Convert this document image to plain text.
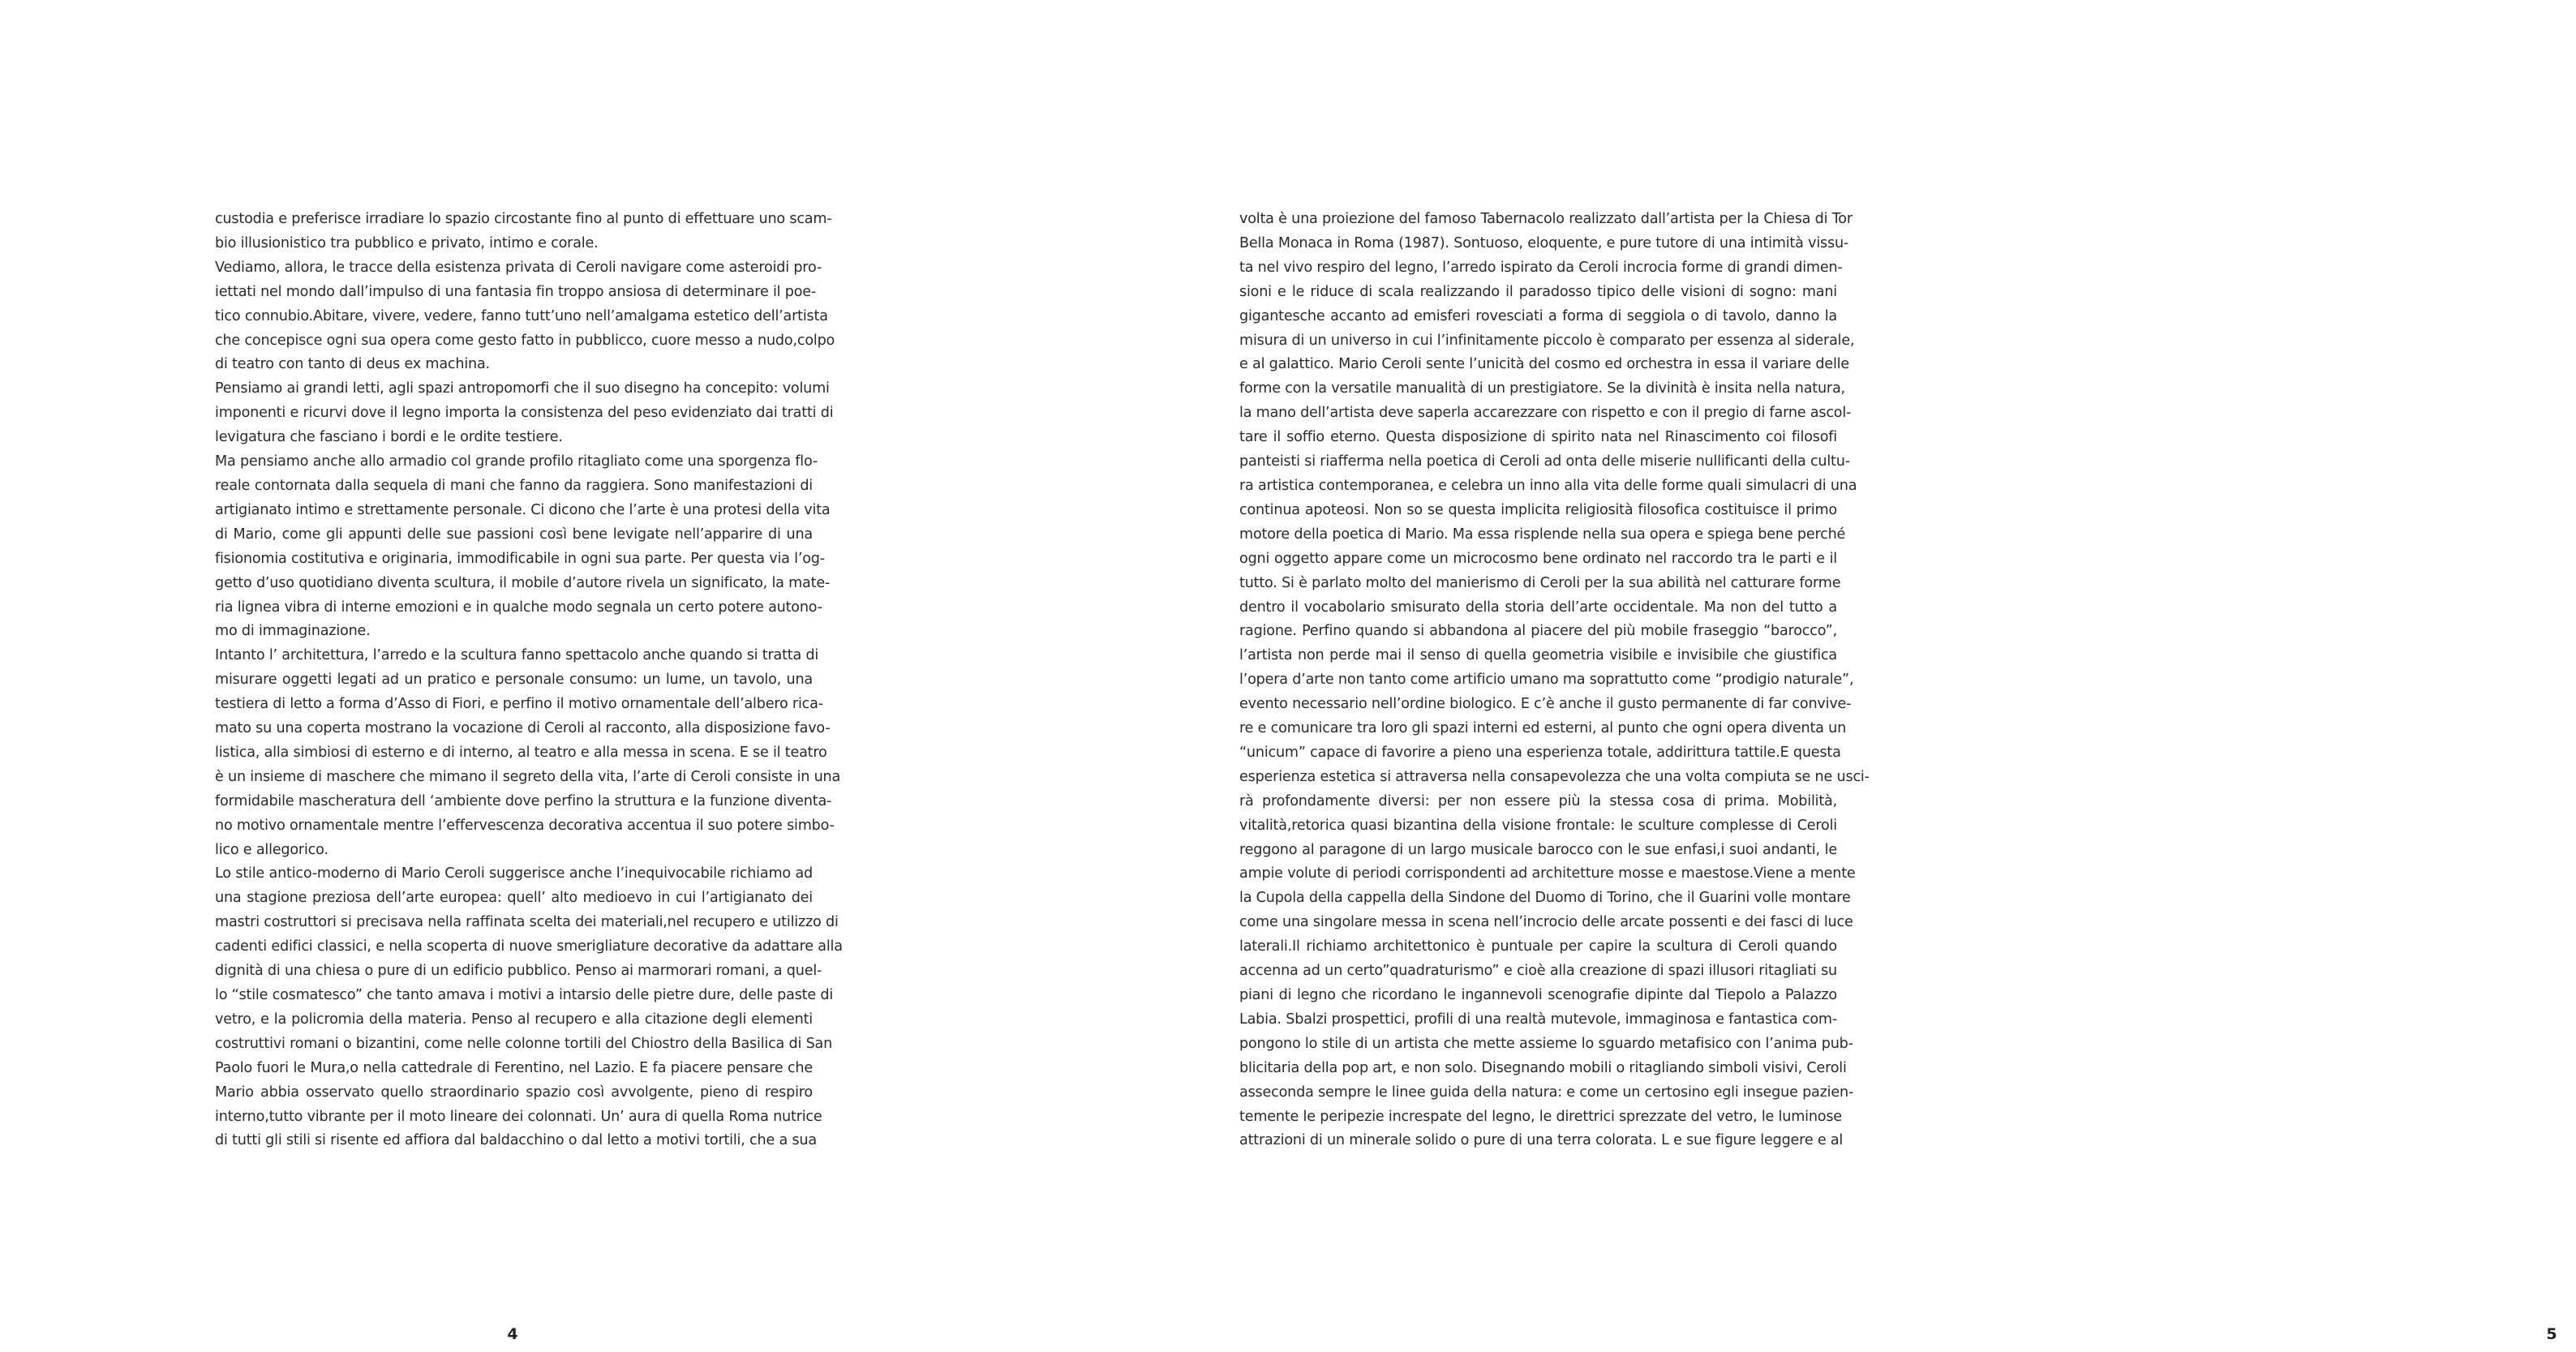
custodia e preferisce irradiare lo spazio circostante fino al punto di effettuare uno scam-
bio illusionistico tra pubblico e privato, intimo e corale.
Vediamo, allora, le tracce della esistenza privata di Ceroli navigare come asteroidi pro-
iettati nel mondo dall’impulso di una fantasia fin troppo ansiosa di determinare il poe-
tico connubio.Abitare, vivere, vedere, fanno tutt’uno nell’amalgama estetico dell’artista
che concepisce ogni sua opera come gesto fatto in pubblicco, cuore messo a nudo,colpo
di teatro con tanto di deus ex machina.
Pensiamo ai grandi letti, agli spazi antropomorfi che il suo disegno ha concepito: volumi
imponenti e ricurvi dove il legno importa la consistenza del peso evidenziato dai tratti di
levigatura che fasciano i bordi e le ordite testiere.
Ma pensiamo anche allo armadio col grande profilo ritagliato come una sporgenza flo-
reale contornata dalla sequela di mani che fanno da raggiera. Sono manifestazioni di
artigianato intimo e strettamente personale. Ci dicono che l’arte è una protesi della vita
di Mario, come gli appunti delle sue passioni così bene levigate nell’apparire di una
fisionomia costitutiva e originaria, immodificabile in ogni sua parte. Per questa via l’og-
getto d’uso quotidiano diventa scultura, il mobile d’autore rivela un significato, la mate-
ria lignea vibra di interne emozioni e in qualche modo segnala un certo potere autono-
mo di immaginazione.
Intanto l’ architettura, l’arredo e la scultura fanno spettacolo anche quando si tratta di
misurare oggetti legati ad un pratico e personale consumo: un lume, un tavolo, una
testiera di letto a forma d’Asso di Fiori, e perfino il motivo ornamentale dell’albero rica-
mato su una coperta mostrano la vocazione di Ceroli al racconto, alla disposizione favo-
listica, alla simbiosi di esterno e di interno, al teatro e alla messa in scena. E se il teatro
è un insieme di maschere che mimano il segreto della vita, l’arte di Ceroli consiste in una
formidabile mascheratura dell ‘ambiente dove perfino la struttura e la funzione diventa-
no motivo ornamentale mentre l’effervescenza decorativa accentua il suo potere simbo-
lico e allegorico.
Lo stile antico-moderno di Mario Ceroli suggerisce anche l’inequivocabile richiamo ad
una stagione preziosa dell’arte europea: quell’ alto medioevo in cui l’artigianato dei
mastri costruttori si precisava nella raffinata scelta dei materiali,nel recupero e utilizzo di
cadenti edifici classici, e nella scoperta di nuove smerigliature decorative da adattare alla
dignità di una chiesa o pure di un edificio pubblico. Penso ai marmorari romani, a quel-
lo “stile cosmatesco” che tanto amava i motivi a intarsio delle pietre dure, delle paste di
vetro, e la policromia della materia. Penso al recupero e alla citazione degli elementi
costruttivi romani o bizantini, come nelle colonne tortili del Chiostro della Basilica di San
Paolo fuori le Mura,o nella cattedrale di Ferentino, nel Lazio. E fa piacere pensare che
Mario abbia osservato quello straordinario spazio così avvolgente, pieno di respiro
interno,tutto vibrante per il moto lineare dei colonnati. Un’ aura di quella Roma nutrice
di tutti gli stili si risente ed affiora dal baldacchino o dal letto a motivi tortili, che a sua
4
volta è una proiezione del famoso Tabernacolo realizzato dall’artista per la Chiesa di Tor
Bella Monaca in Roma (1987). Sontuoso, eloquente, e pure tutore di una intimità vissu-
ta nel vivo respiro del legno, l’arredo ispirato da Ceroli incrocia forme di grandi dimen-
sioni e le riduce di scala realizzando il paradosso tipico delle visioni di sogno: mani
gigantesche accanto ad emisferi rovesciati a forma di seggiola o di tavolo, danno la
misura di un universo in cui l’infinitamente piccolo è comparato per essenza al siderale,
e al galattico. Mario Ceroli sente l’unicità del cosmo ed orchestra in essa il variare delle
forme con la versatile manualità di un prestigiatore. Se la divinità è insita nella natura,
la mano dell’artista deve saperla accarezzare con rispetto e con il pregio di farne ascol-
tare il soffio eterno. Questa disposizione di spirito nata nel Rinascimento coi filosofi
panteisti si riafferma nella poetica di Ceroli ad onta delle miserie nullificanti della cultu-
ra artistica contemporanea, e celebra un inno alla vita delle forme quali simulacri di una
continua apoteosi. Non so se questa implicita religiosità filosofica costituisce il primo
motore della poetica di Mario. Ma essa risplende nella sua opera e spiega bene perché
ogni oggetto appare come un microcosmo bene ordinato nel raccordo tra le parti e il
tutto. Si è parlato molto del manierismo di Ceroli per la sua abilità nel catturare forme
dentro il vocabolario smisurato della storia dell’arte occidentale. Ma non del tutto a
ragione. Perfino quando si abbandona al piacere del più mobile fraseggio “barocco”,
l’artista non perde mai il senso di quella geometria visibile e invisibile che giustifica
l’opera d’arte non tanto come artificio umano ma soprattutto come “prodigio naturale”,
evento necessario nell’ordine biologico. E c’è anche il gusto permanente di far convive-
re e comunicare tra loro gli spazi interni ed esterni, al punto che ogni opera diventa un
“unicum” capace di favorire a pieno una esperienza totale, addirittura tattile.E questa
esperienza estetica si attraversa nella consapevolezza che una volta compiuta se ne usci-
rà profondamente diversi: per non essere più la stessa cosa di prima. Mobilità,
vitalità,retorica quasi bizantina della visione frontale: le sculture complesse di Ceroli
reggono al paragone di un largo musicale barocco con le sue enfasi,i suoi andanti, le
ampie volute di periodi corrispondenti ad architetture mosse e maestose.Viene a mente
la Cupola della cappella della Sindone del Duomo di Torino, che il Guarini volle montare
come una singolare messa in scena nell’incrocio delle arcate possenti e dei fasci di luce
laterali.Il richiamo architettonico è puntuale per capire la scultura di Ceroli quando
accenna ad un certo”quadraturismo” e cioè alla creazione di spazi illusori ritagliati su
piani di legno che ricordano le ingannevoli scenografie dipinte dal Tiepolo a Palazzo
Labia. Sbalzi prospettici, profili di una realtà mutevole, immaginosa e fantastica com-
pongono lo stile di un artista che mette assieme lo sguardo metafisico con l’anima pub-
blicitaria della pop art, e non solo. Disegnando mobili o ritagliando simboli visivi, Ceroli
asseconda sempre le linee guida della natura: e come un certosino egli insegue pazien-
temente le peripezie increspate del legno, le direttrici sprezzate del vetro, le luminose
attrazioni di un minerale solido o pure di una terra colorata. L e sue figure leggere e al
5
